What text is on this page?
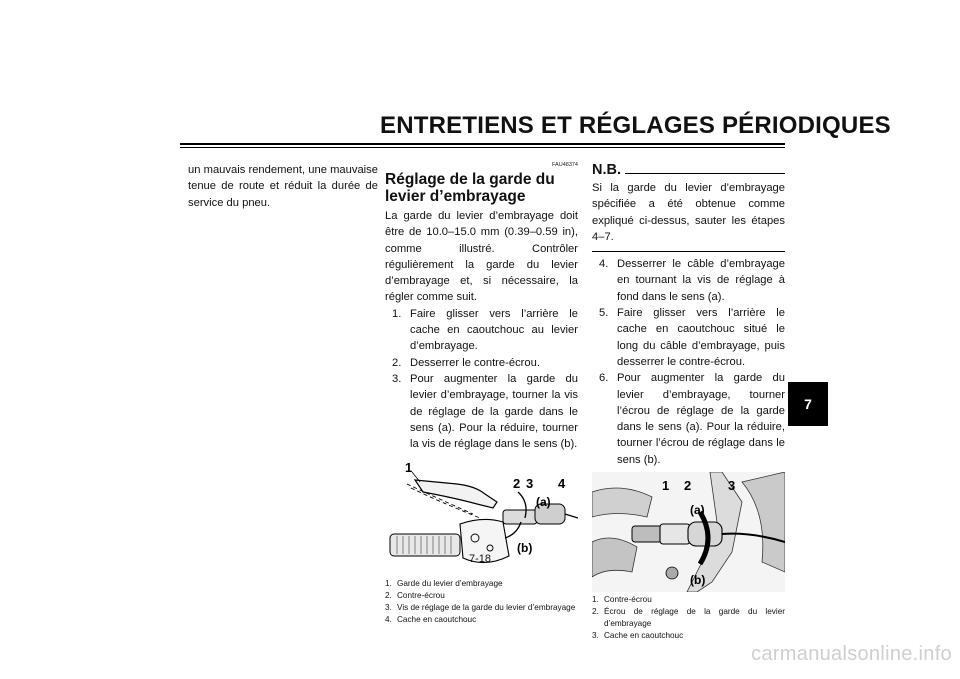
ENTRETIENS ET RÉGLAGES PÉRIODIQUES
7

un mauvais rendement, une mauvaise tenue de route et réduit la durée de service du pneu.

FAU48374
Réglage de la garde du levier d’embrayage

La garde du levier d’embrayage doit être de 10.0–15.0 mm (0.39–0.59 in), comme illustré. Contrôler régulièrement la garde du levier d’embrayage et, si nécessaire, la régler comme suit.

1. Faire glisser vers l’arrière le cache en caoutchouc au levier d’embrayage.
2. Desserrer le contre-écrou.
3. Pour augmenter la garde du levier d’embrayage, tourner la vis de réglage de la garde dans le sens (a). Pour la réduire, tourner la vis de réglage dans le sens (b).
1
2 3 4
(a)
(b)
1. Garde du levier d’embrayage
2. Contre-écrou
3. Vis de réglage de la garde du levier d’embrayage
4. Cache en caoutchouc
N.B.

Si la garde du levier d’embrayage spécifiée a été obtenue comme expliqué ci-dessus, sauter les étapes 4–7.

4. Desserrer le câble d’embrayage en tournant la vis de réglage à fond dans le sens (a).
5. Faire glisser vers l’arrière le cache en caoutchouc situé le long du câble d’embrayage, puis desserrer le contre-écrou.
6. Pour augmenter la garde du levier d’embrayage, tourner l’écrou de réglage de la garde dans le sens (a). Pour la réduire, tourner l’écrou de réglage dans le sens (b).
1 2	3
(a)
(b)
1. Contre-écrou
2. Écrou de réglage de la garde du levier d’embrayage
3. Cache en caoutchouc
7-18
carmanualsonline.info
